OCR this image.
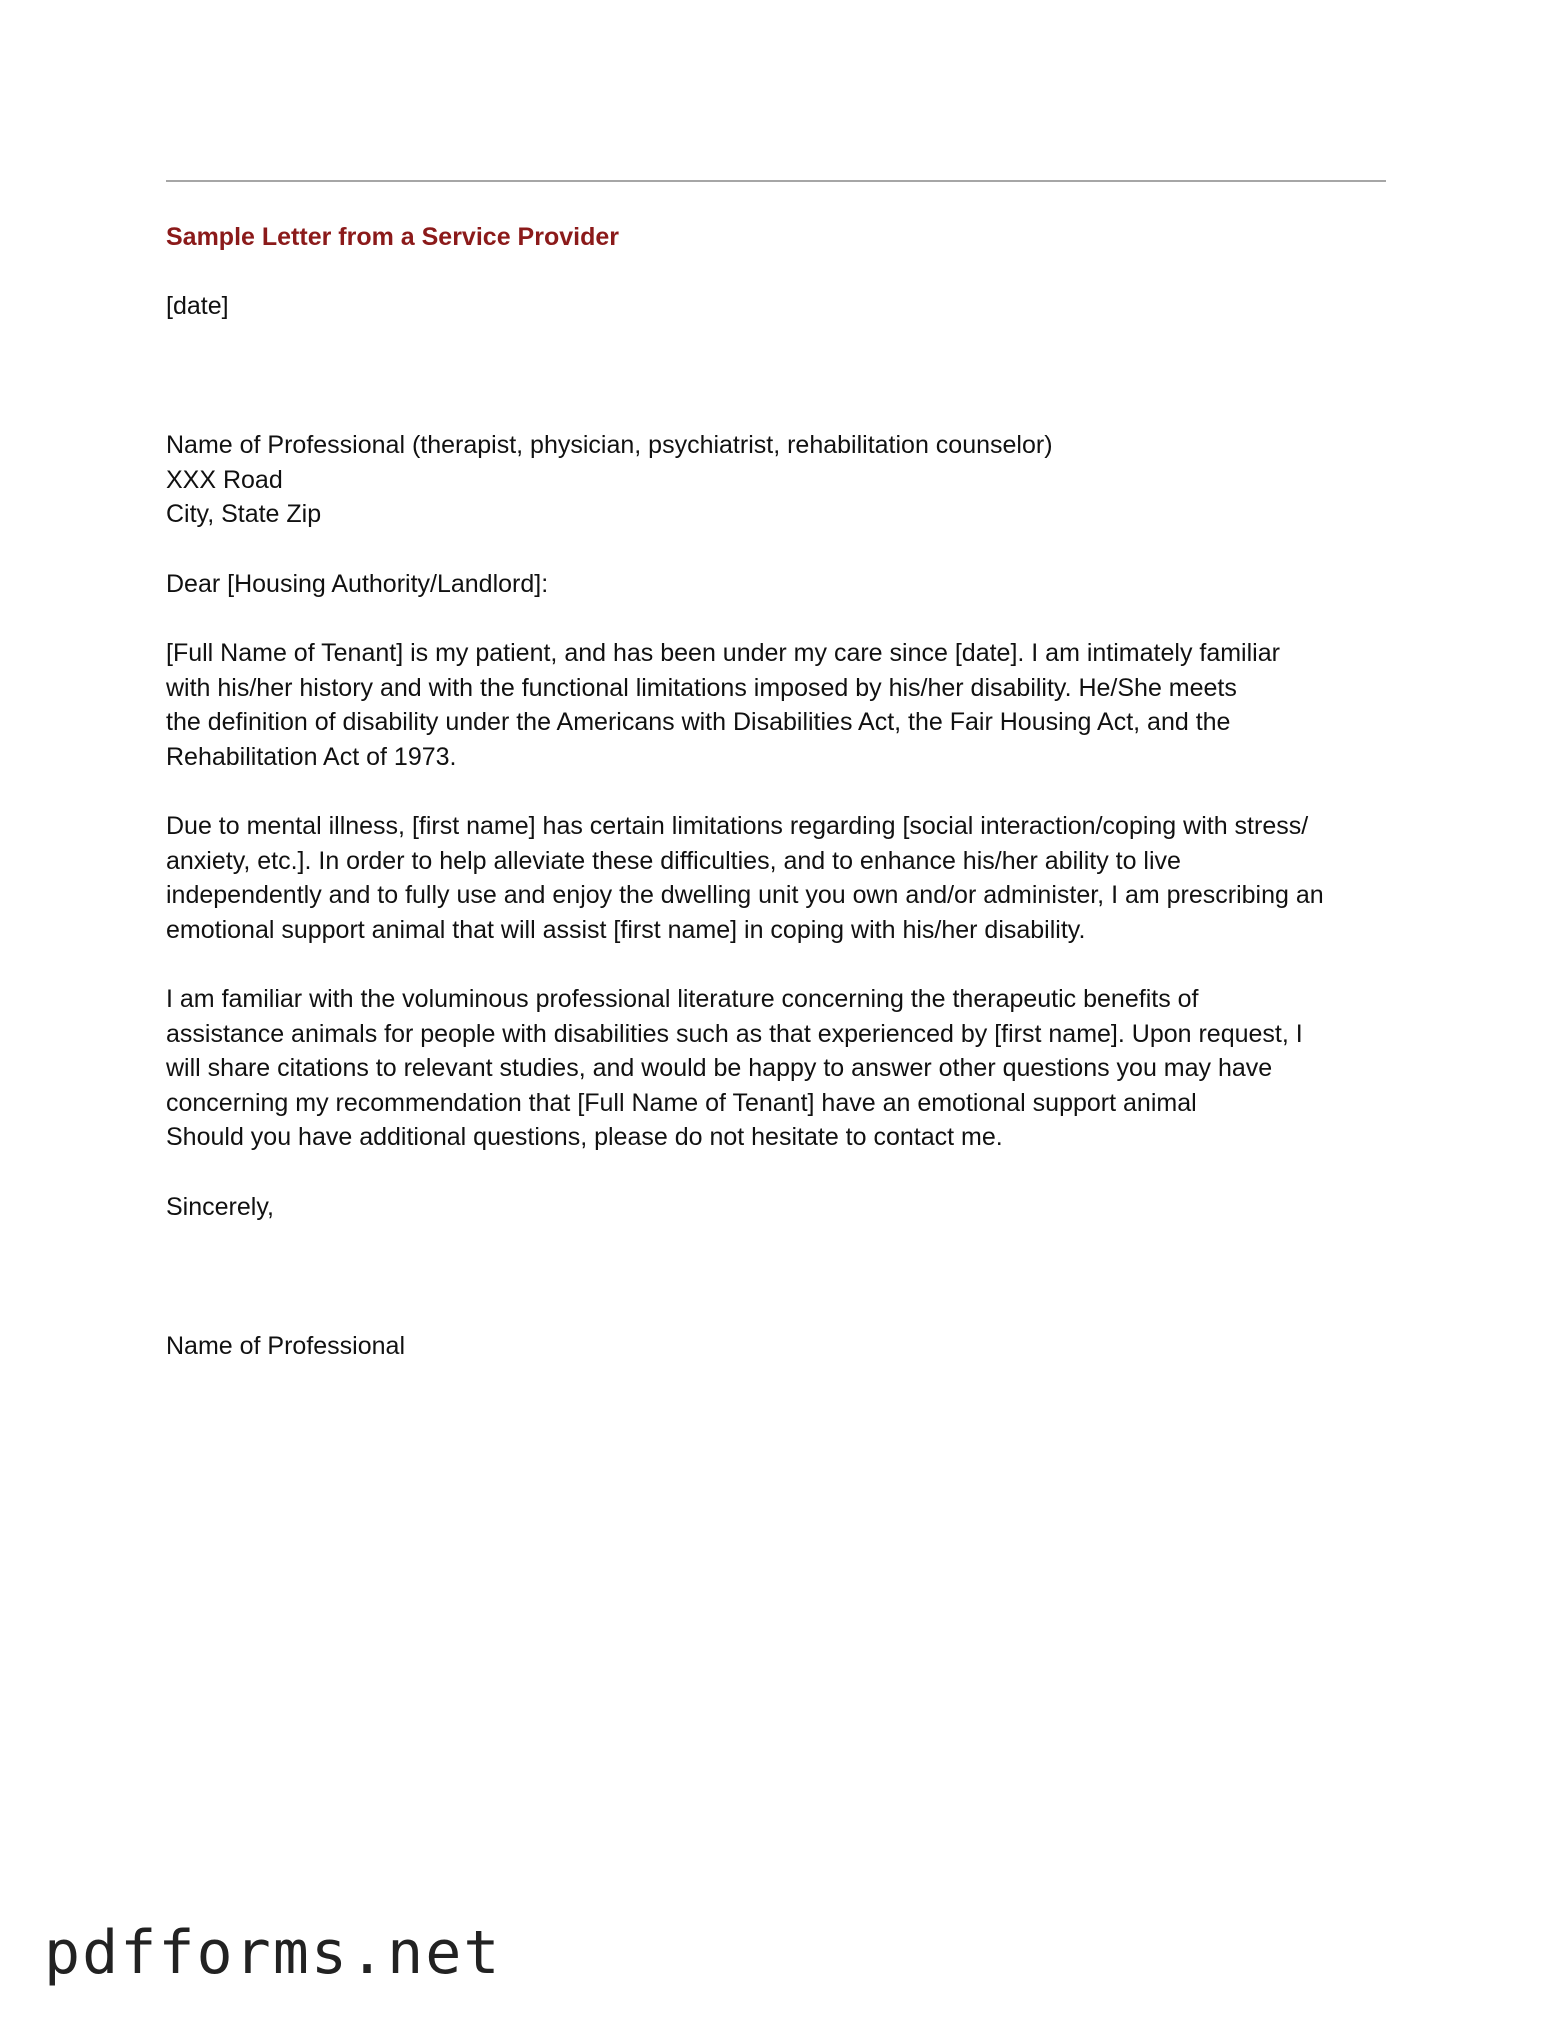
Sample Letter from a Service Provider
[date]
Name of Professional (therapist, physician, psychiatrist, rehabilitation counselor)
XXX Road
City, State Zip
Dear [Housing Authority/Landlord]:
[Full Name of Tenant] is my patient, and has been under my care since [date]. I am intimately familiar
with his/her history and with the functional limitations imposed by his/her disability. He/She meets
the definition of disability under the Americans with Disabilities Act, the Fair Housing Act, and the
Rehabilitation Act of 1973.
Due to mental illness, [first name] has certain limitations regarding [social interaction/coping with stress/
anxiety, etc.]. In order to help alleviate these difficulties, and to enhance his/her ability to live
independently and to fully use and enjoy the dwelling unit you own and/or administer, I am prescribing an
emotional support animal that will assist [first name] in coping with his/her disability.
I am familiar with the voluminous professional literature concerning the therapeutic benefits of
assistance animals for people with disabilities such as that experienced by [first name]. Upon request, I
will share citations to relevant studies, and would be happy to answer other questions you may have
concerning my recommendation that [Full Name of Tenant] have an emotional support animal
Should you have additional questions, please do not hesitate to contact me.
Sincerely,
Name of Professional
pdfforms.net
